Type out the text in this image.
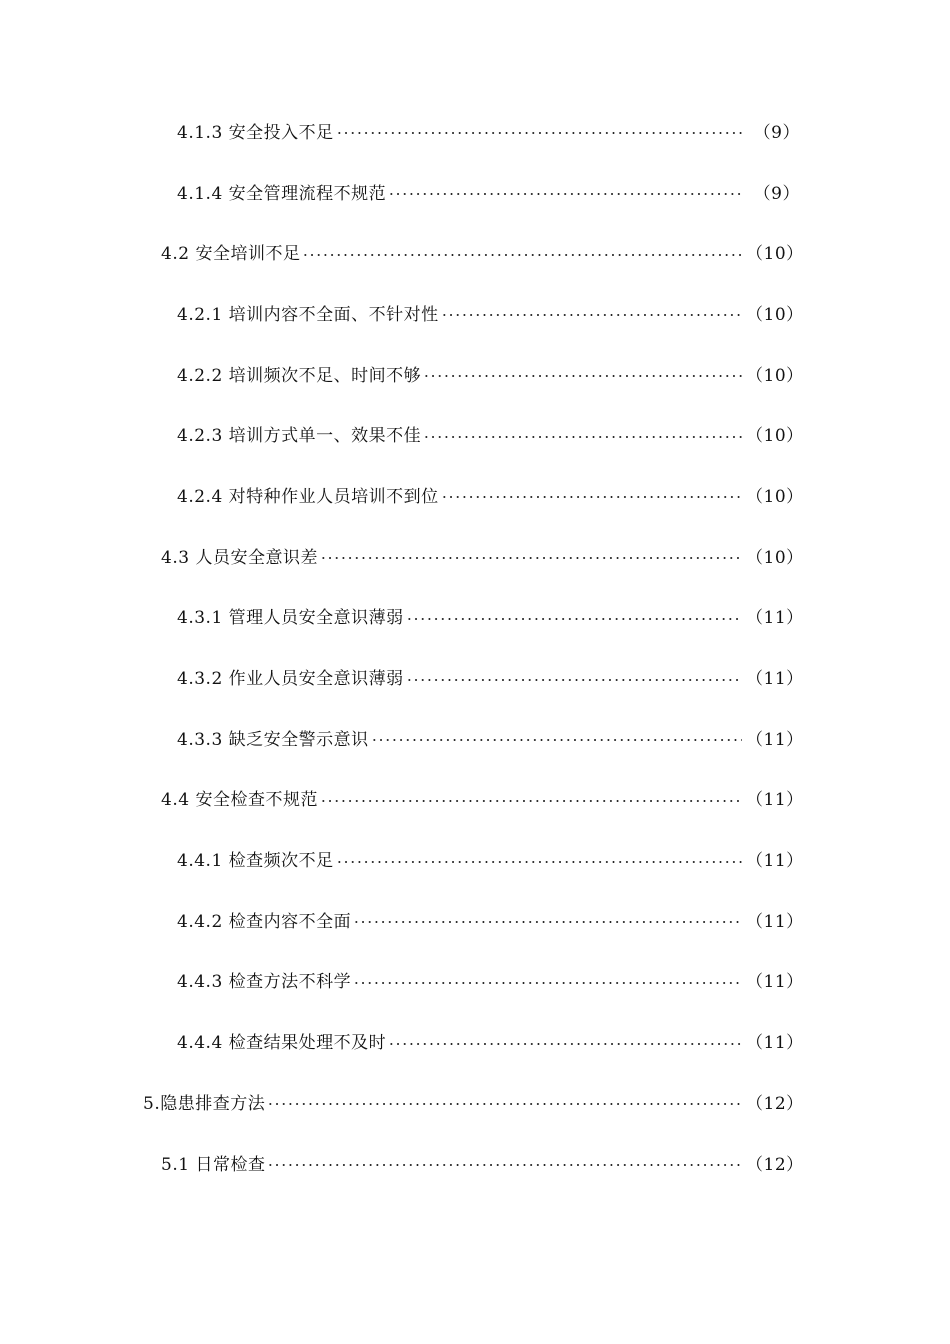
4.1.3 安全投入不足	（9）
4.1.4 安全管理流程不规范	（9）
4.2 安全培训不足	（10）
4.2.1 培训内容不全面、不针对性	（10）
4.2.2 培训频次不足、时间不够	（10）
4.2.3 培训方式单一、效果不佳	（10）
4.2.4 对特种作业人员培训不到位	（10）
4.3 人员安全意识差	（10）
4.3.1 管理人员安全意识薄弱	（11）
4.3.2 作业人员安全意识薄弱	（11）
4.3.3 缺乏安全警示意识	（11）
4.4 安全检查不规范	（11）
4.4.1 检查频次不足	（11）
4.4.2 检查内容不全面	（11）
4.4.3 检查方法不科学	（11）
4.4.4 检查结果处理不及时	（11）
5.隐患排查方法	（12）
5.1 日常检查	（12）
